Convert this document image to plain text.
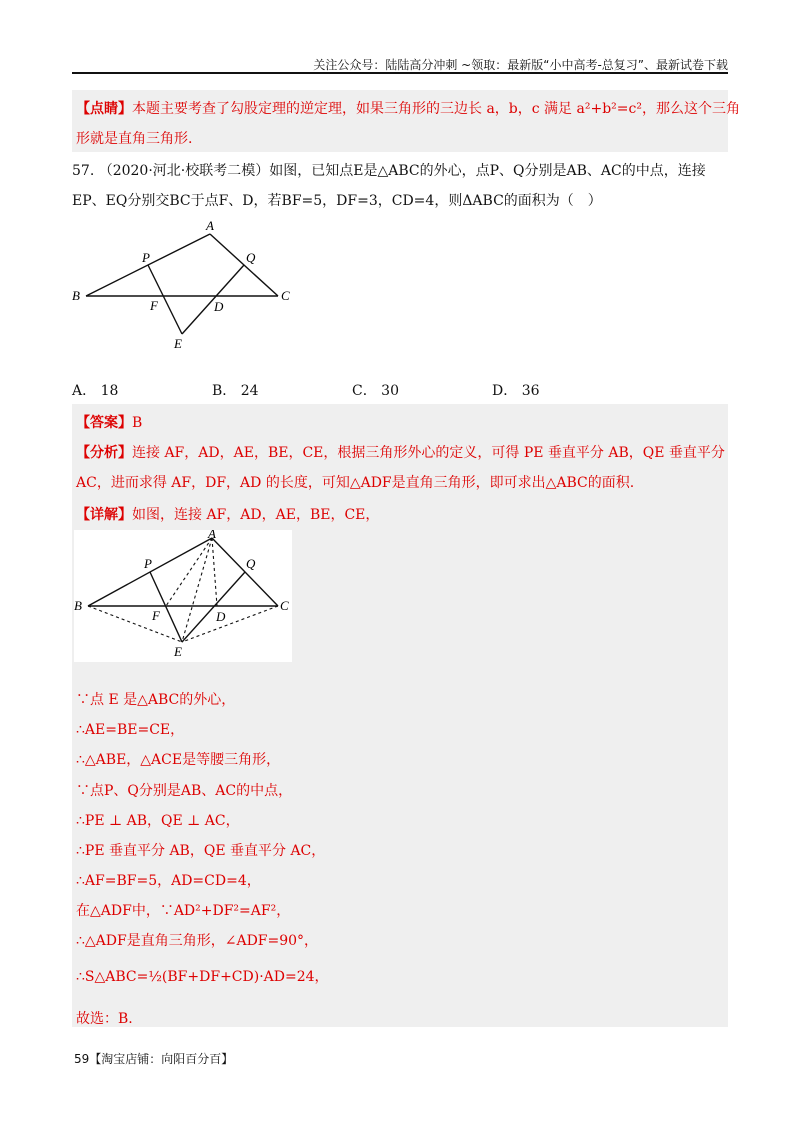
关注公众号：陆陆高分冲刺 ~领取：最新版“小中高考-总复习”、最新试卷下载
【点睛】本题主要考查了勾股定理的逆定理，如果三角形的三边长 a，b，c 满足 a²+b²=c²，那么这个三角
形就是直角三角形.
57. （2020·河北·校联考二模）如图，已知点E是△ABC的外心，点P、Q分别是AB、AC的中点，连接
EP、EQ分别交BC于点F、D，若BF=5，DF=3，CD=4，则ΔABC的面积为（　）
A
B	C
P	Q
F	D
E
A． 18	B． 24	C． 30	D． 36
【答案】B
【分析】连接 AF，AD，AE，BE，CE，根据三角形外心的定义，可得 PE 垂直平分 AB，QE 垂直平分
AC，进而求得 AF，DF，AD 的长度，可知△ADF是直角三角形，即可求出△ABC的面积.
【详解】如图，连接 AF，AD，AE，BE，CE，
A
B	C
P	Q
F	D
E
∵点 E 是△ABC的外心，
∴AE=BE=CE，
∴△ABE，△ACE是等腰三角形，
∵点P、Q分别是AB、AC的中点，
∴PE ⊥ AB，QE ⊥ AC，
∴PE 垂直平分 AB，QE 垂直平分 AC，
∴AF=BF=5，AD=CD=4，
在△ADF中，∵AD²+DF²=AF²，
∴△ADF是直角三角形，∠ADF=90°，
∴S△ABC=½(BF+DF+CD)·AD=24，
故选：B.
59【淘宝店铺：向阳百分百】
